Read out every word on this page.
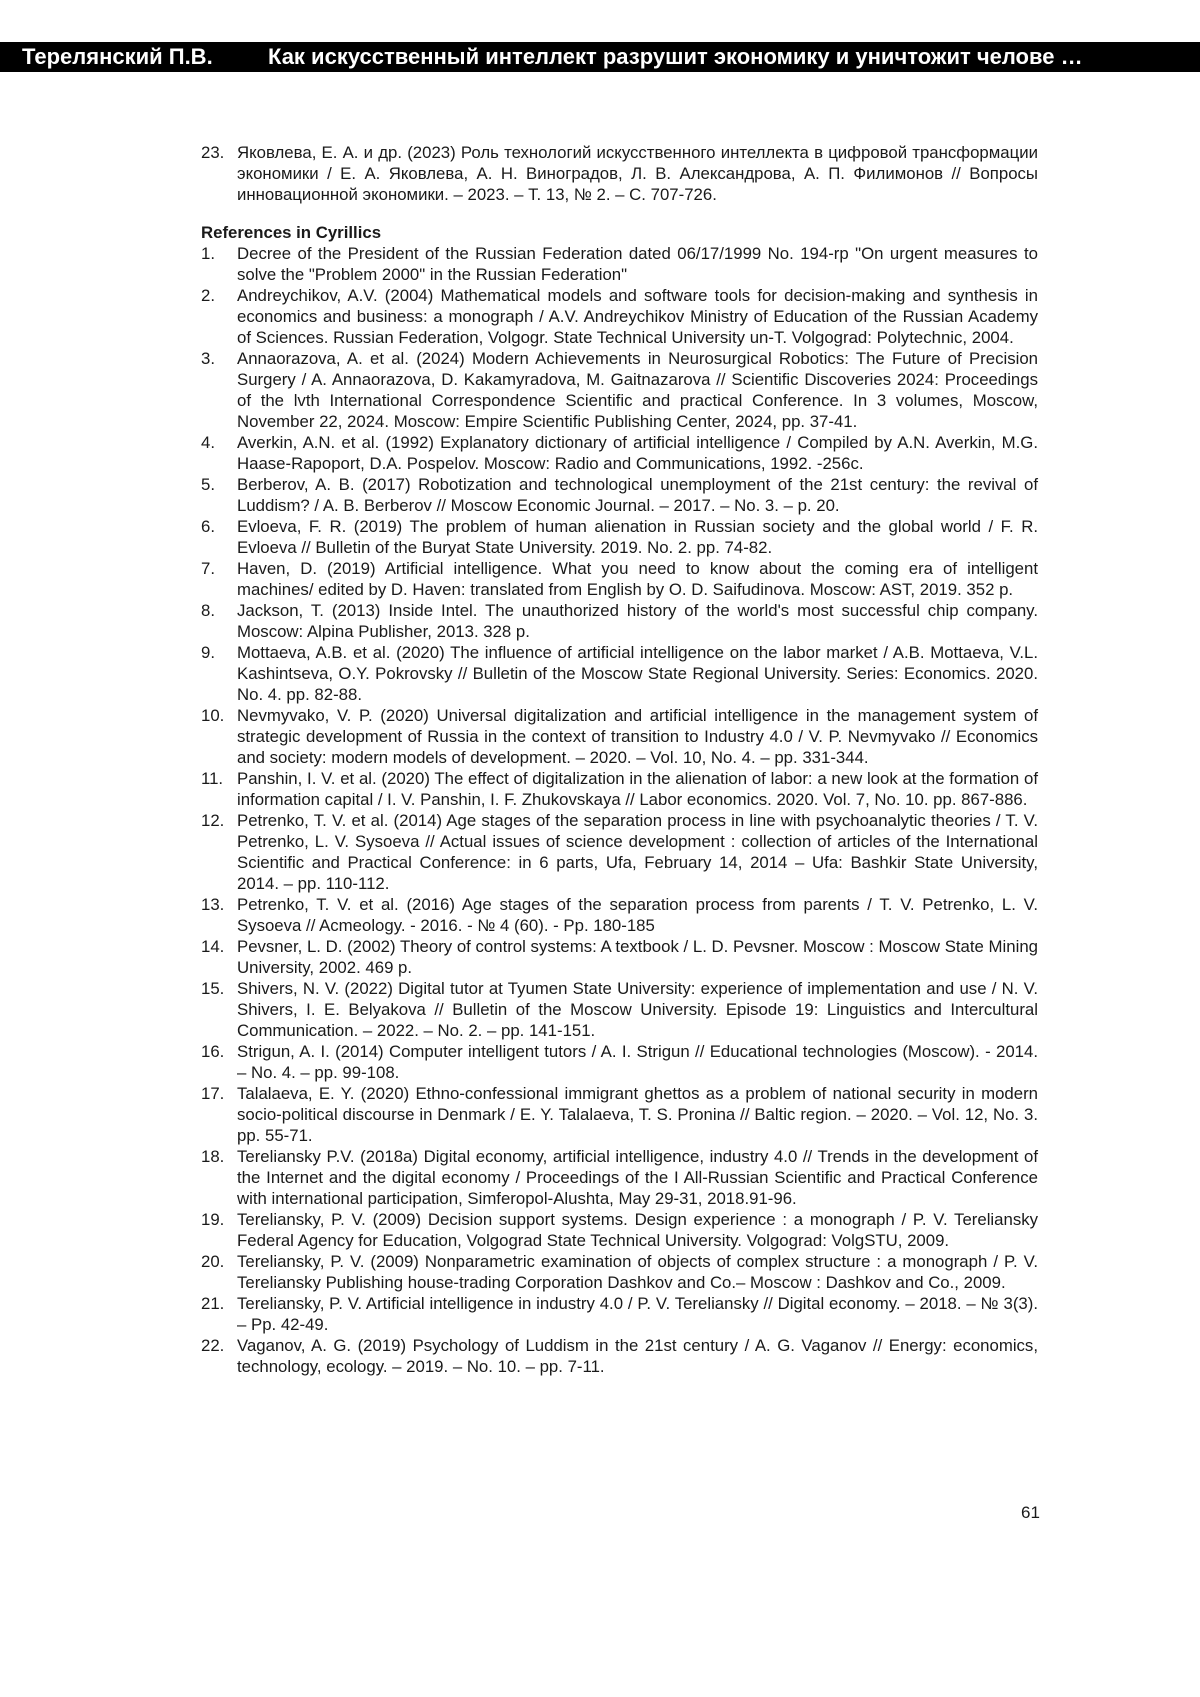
Терелянский П.В.	Как искусственный интеллект разрушит экономику и уничтожит челове …
23. Яковлева, Е. А. и др. (2023) Роль технологий искусственного интеллекта в цифровой трансформации экономики / Е. А. Яковлева, А. Н. Виноградов, Л. В. Александрова, А. П. Филимонов // Вопросы инновационной экономики. – 2023. – Т. 13, № 2. – С. 707-726.
References in Cyrillics
1.	Decree of the President of the Russian Federation dated 06/17/1999 No. 194-rp "On urgent measures to solve the "Problem 2000" in the Russian Federation"
2.	Andreychikov, A.V. (2004) Mathematical models and software tools for decision-making and synthesis in economics and business: a monograph / A.V. Andreychikov Ministry of Education of the Russian Academy of Sciences. Russian Federation, Volgogr. State Technical University un-T. Volgograd: Polytechnic, 2004.
3.	Annaorazova, A. et al. (2024) Modern Achievements in Neurosurgical Robotics: The Future of Precision Surgery / A. Annaorazova, D. Kakamyradova, M. Gaitnazarova // Scientific Discoveries 2024: Proceedings of the lvth International Correspondence Scientific and practical Conference. In 3 volumes, Moscow, November 22, 2024. Moscow: Empire Scientific Publishing Center, 2024, pp. 37-41.
4.	Averkin, A.N. et al. (1992) Explanatory dictionary of artificial intelligence / Compiled by A.N. Averkin, M.G. Haase-Rapoport, D.A. Pospelov. Moscow: Radio and Communications, 1992. -256c.
5.	Berberov, A. B. (2017) Robotization and technological unemployment of the 21st century: the revival of Luddism? / A. B. Berberov // Moscow Economic Journal. – 2017. – No. 3. – p. 20.
6.	Evloeva, F. R. (2019) The problem of human alienation in Russian society and the global world / F. R. Evloeva // Bulletin of the Buryat State University. 2019. No. 2. pp. 74-82.
7.	Haven, D. (2019) Artificial intelligence. What you need to know about the coming era of intelligent machines/ edited by D. Haven: translated from English by O. D. Saifudinova. Moscow: AST, 2019. 352 p.
8.	Jackson, T. (2013) Inside Intel. The unauthorized history of the world's most successful chip company. Moscow: Alpina Publisher, 2013. 328 p.
9.	Mottaeva, A.B. et al. (2020) The influence of artificial intelligence on the labor market / A.B. Mottaeva, V.L. Kashintseva, O.Y. Pokrovsky // Bulletin of the Moscow State Regional University. Series: Economics. 2020. No. 4. pp. 82-88.
10. Nevmyvako, V. P. (2020) Universal digitalization and artificial intelligence in the management system of strategic development of Russia in the context of transition to Industry 4.0 / V. P. Nevmyvako // Economics and society: modern models of development. – 2020. – Vol. 10, No. 4. – pp. 331-344.
11. Panshin, I. V. et al. (2020) The effect of digitalization in the alienation of labor: a new look at the formation of information capital / I. V. Panshin, I. F. Zhukovskaya // Labor economics. 2020. Vol. 7, No. 10. pp. 867-886.
12. Petrenko, T. V. et al. (2014) Age stages of the separation process in line with psychoanalytic theories / T. V. Petrenko, L. V. Sysoeva // Actual issues of science development : collection of articles of the International Scientific and Practical Conference: in 6 parts, Ufa, February 14, 2014 – Ufa: Bashkir State University, 2014. – pp. 110-112.
13. Petrenko, T. V. et al. (2016) Age stages of the separation process from parents / T. V. Petrenko, L. V. Sysoeva // Acmeology. - 2016. - № 4 (60). - Pp. 180-185
14. Pevsner, L. D. (2002) Theory of control systems: A textbook / L. D. Pevsner. Moscow : Moscow State Mining University, 2002. 469 p.
15. Shivers, N. V. (2022) Digital tutor at Tyumen State University: experience of implementation and use / N. V. Shivers, I. E. Belyakova // Bulletin of the Moscow University. Episode 19: Linguistics and Intercultural Communication. – 2022. – No. 2. – pp. 141-151.
16. Strigun, A. I. (2014) Computer intelligent tutors / A. I. Strigun // Educational technologies (Moscow). - 2014. – No. 4. – pp. 99-108.
17. Talalaeva, E. Y. (2020) Ethno-confessional immigrant ghettos as a problem of national security in modern socio-political discourse in Denmark / E. Y. Talalaeva, T. S. Pronina // Baltic region. – 2020. – Vol. 12, No. 3. pp. 55-71.
18. Tereliansky P.V. (2018a) Digital economy, artificial intelligence, industry 4.0 // Trends in the development of the Internet and the digital economy / Proceedings of the I All-Russian Scientific and Practical Conference with international participation, Simferopol-Alushta, May 29-31, 2018.91-96.
19. Tereliansky, P. V. (2009) Decision support systems. Design experience : a monograph / P. V. Tereliansky Federal Agency for Education, Volgograd State Technical University. Volgograd: VolgSTU, 2009.
20. Tereliansky, P. V. (2009) Nonparametric examination of objects of complex structure : a monograph / P. V. Tereliansky Publishing house-trading Corporation Dashkov and Co.– Moscow : Dashkov and Co., 2009.
21. Tereliansky, P. V. Artificial intelligence in industry 4.0 / P. V. Tereliansky // Digital economy. – 2018. – № 3(3). – Pp. 42-49.
22. Vaganov, A. G. (2019) Psychology of Luddism in the 21st century / A. G. Vaganov // Energy: economics, technology, ecology. – 2019. – No. 10. – pp. 7-11.
61
